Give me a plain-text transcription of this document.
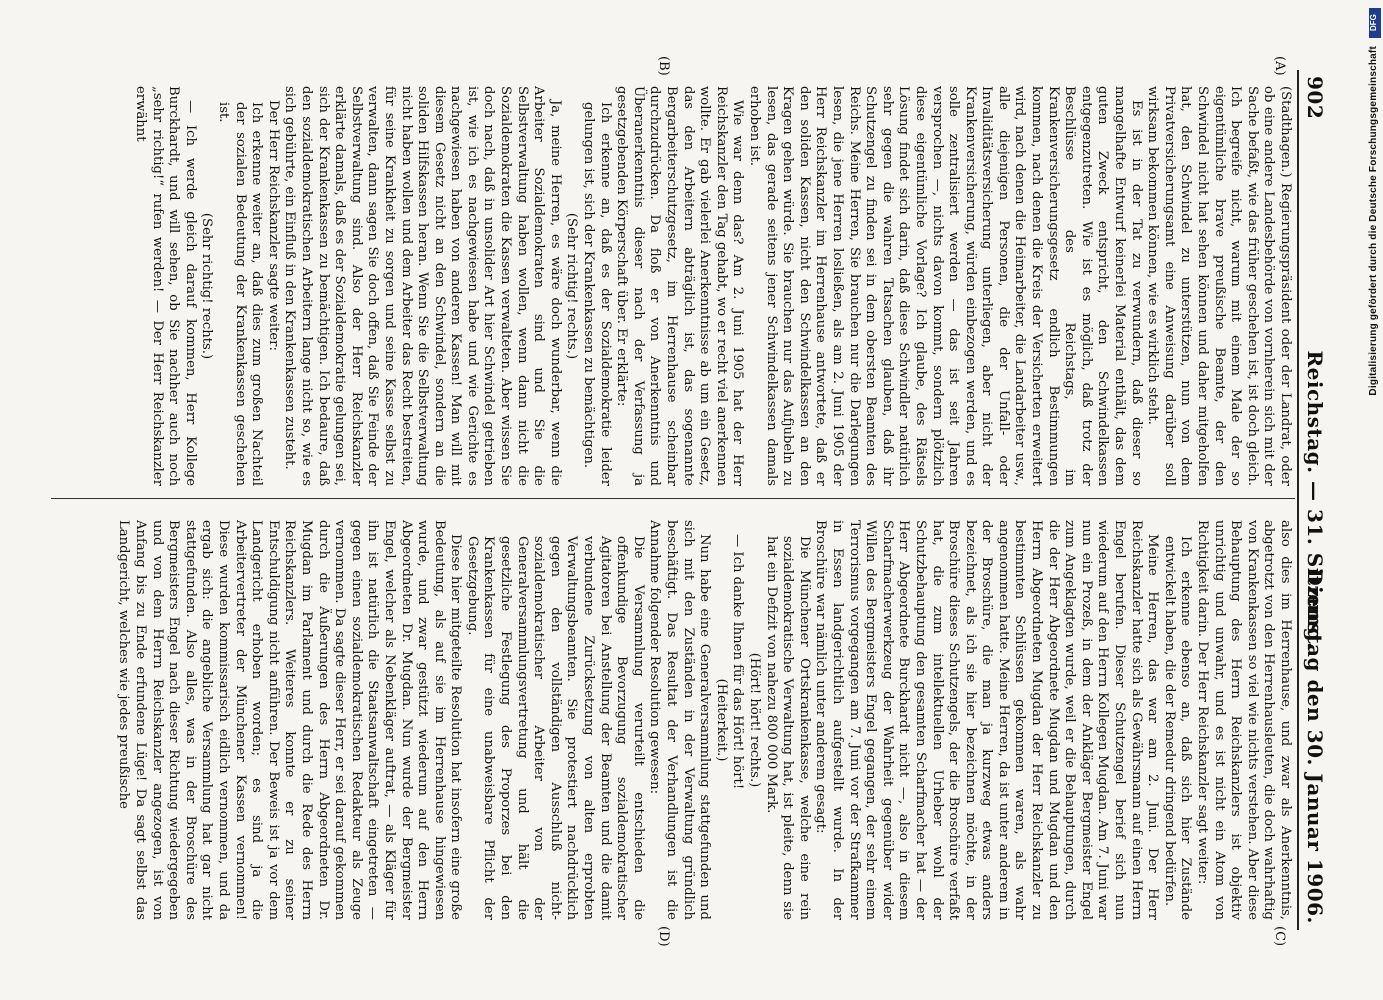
902
Reichstag. — 31. Sitzung.
Dienstag den 30. Januar 1906.
(A)
(B)
(C)
(D)

(Stadthagen.) Regierungspräsident oder der Landrat, oder ob eine andere Landesbehörde von vornherein sich mit der Sache befaßt, wie das früher geschehen ist, ist doch gleich. Ich begreife nicht, warum mit einem Male der so eigentümliche brave preußische Beamte, der den Schwindel nicht hat sehen können und daher mitgeholfen hat, den Schwindel zu unterstützen, nun von dem Privatversicherungsamt eine Anweisung darüber soll wirksam bekommen können, wie es wirklich steht.

Es ist in der Tat zu verwundern, daß dieser so mangelhafte Entwurf keinerlei Material enthält, das dem guten Zweck entspricht, den Schwindelkassen entgegenzutreten. Wie ist es möglich, daß trotz der Beschlüsse des Reichstags, im Krankenversicherungsgesetz endlich Bestimmungen kommen, nach denen die Kreis der Versicherten erweitert wird, nach denen die Heimarbeiter, die Landarbeiter usw., alle diejenigen Personen, die der Unfall- oder Invaliditätsversicherung unterliegen, aber nicht der Krankenversicherung, würden einbezogen werden, und es solle zentralisiert werden — das ist seit Jahren versprochen —, nichts davon kommt, sondern plötzlich diese eigentümliche Vorlage? Ich glaube, des Rätsels Lösung findet sich darin, daß diese Schwindler natürlich sehr gegen die wahren Tatsachen glauben, daß ihr Schutzengel zu finden sei in dem obersten Beamten des Reichs. Meine Herren, Sie brauchen nur die Darlegungen lesen, die jene Herren losließen, als am 2. Juni 1905 der Herr Reichskanzler im Herrenhause antwortete, daß er den soliden Kassen, nicht den Schwindelkassen an den Kragen gehen würde. Sie brauchen nur das Aufjubeln zu lesen, das gerade seitens jener Schwindelkassen damals erhoben ist.

Wie war denn das? Am 2. Juni 1905 hat der Herr Reichskanzler den Tag gehabt, wo er recht viel anerkennen wollte. Er gab vielerlei Anerkenntnisse ab um ein Gesetz, das den Arbeitern abträglich ist, das sogenannte Bergarbeiterschutzgesetz, im Herrenhause scheinbar durchzudrücken. Da floß er von Anerkenntnis und Überanerkenntnis dieser nach der Verfassung ja gesetzgebenden Körperschaft über. Er erklärte:

Ich erkenne an, daß es der Sozialdemokratie leider gelungen ist, sich der Krankenkassen zu bemächtigen.

(Sehr richtig! rechts.)

Ja, meine Herren, es wäre doch wunderbar, wenn die Arbeiter Sozialdemokraten sind und Sie die Selbstverwaltung haben wollen, wenn dann nicht die Sozialdemokraten die Kassen verwalteten. Aber wissen Sie doch nach, daß in unsolider Art hier Schwindel getrieben ist, wie ich es nachgewiesen habe und wie Gerichte es nachgewiesen haben von anderen Kassen! Man will mit diesem Gesetz nicht an den Schwindel, sondern an die soliden Hilfskassen heran. Wenn Sie die Selbstverwaltung nicht haben wollen und dem Arbeiter das Recht bestreiten, für seine Krankheit zu sorgen und seine Kasse selbst zu verwalten, dann sagen Sie doch offen, daß Sie Feinde der Selbstverwaltung sind. Also der Herr Reichskanzler erklärte damals, daß es der Sozialdemokratie gelungen sei, sich der Krankenkassen zu bemächtigen. Ich bedaure, daß den sozialdemokratischen Arbeitern lange nicht so, wie es sich gebührte, ein Einfluß in den Krankenkassen zusteht.

Der Herr Reichskanzler sagte weiter:

Ich erkenne weiter an, daß dies zum großen Nachteil der sozialen Bedeutung der Krankenkassen geschehen ist.

(Sehr richtig! rechts.)

— Ich werde gleich darauf kommen, Herr Kollege Burckhardt, und will sehen, ob Sie nachher auch noch „sehr richtig!“ rufen werden! — Der Herr Reichskanzler erwähnt

also dies im Herrenhause, und zwar als Anerkenntnis, abgetrotzt von den Herrenhausleuten, die doch wahrhaftig von Krankenkassen so viel wie nichts verstehen. Aber diese Behauptung des Herrn Reichskanzlers ist objektiv unrichtig und unwahr, und es ist nicht ein Atom von Richtigkeit darin. Der Herr Reichskanzler sagt weiter:

Ich erkenne ebenso an, daß sich hier Zustände entwickelt haben, die der Remedur dringend bedürfen.

Meine Herren, das war am 2. Juni. Der Herr Reichskanzler hatte sich als Gewährsmann auf einen Herrn Engel berufen. Dieser Schutzengel berief sich nun wiederum auf den Herrn Kollegen Mugdan. Am 7. Juni war nun ein Prozeß, in dem der Ankläger Bergmeister Engel zum Angeklagten wurde, weil er die Behauptungen, durch die der Herr Abgeordnete Mugdan und Mugdan und den Herrn Abgeordneten Mugdan der Herr Reichskanzler zu bestimmten Schlüssen gekommen waren, als wahr angenommen hatte. Meine Herren, da ist unter anderem in der Broschüre, die man ja kurzweg etwas anders bezeichnet, als ich sie hier bezeichnen möchte, in der Broschüre dieses Schutzengels, der die Broschüre verfaßt hat, die zum intellektuellen Urheber wohl der Schutzbehauptung den gesamten Scharfmacher hat — der Herr Abgeordnete Burckhardt nicht —, also in diesem Scharfmacherwerkzeug der Wahrheit gegenüber wider Willen des Bergmeisters Engel gegangen, der sehr einem Terrorismus vorgegangen am 7. Juni vor der Strafkammer in Essen landgerichtlich aufgestellt wurde. In der Broschüre war nämlich unter anderem gesagt:

Die Münchener Ortskrankenkasse, welche eine rein sozialdemokratische Verwaltung hat, ist pleite, denn sie hat ein Defizit von nahezu 800 000 Mark.

(Hört! hört! rechts.)

— Ich danke Ihnen für das Hört! hört!

(Heiterkeit.)

Nun habe eine Generalversammlung stattgefunden und sich mit den Zuständen in der Verwaltung gründlich beschäftigt. Das Resultat der Verhandlungen ist die Annahme folgender Resolution gewesen:

Die Versammlung verurteilt entschieden die offenkundige Bevorzugung sozialdemokratischer Agitatoren bei Anstellung der Beamten und die damit verbundene Zurücksetzung von alten erprobten Verwaltungsbeamten. Sie protestiert nachdrücklich gegen den vollständigen Ausschluß nicht-sozialdemokratischer Arbeiter von der Generalversammlungsvertretung und hält die gesetzliche Festlegung des Proporzes bei den Krankenkassen für eine unabweisbare Pflicht der Gesetzgebung.

Diese hier mitgeteilte Resolution hat insofern eine große Bedeutung, als auf sie im Herrenhause hingewiesen wurde, und zwar gestützt wiederum auf den Herrn Abgeordneten Dr. Mugdan. Nun wurde der Bergmeister Engel, welcher als Nebenkläger auftrat, — als Kläger für ihn ist natürlich die Staatsanwaltschaft eingetreten — gegen einen sozialdemokratischen Redakteur als Zeuge vernommen. Da sagte dieser Herr, er sei darauf gekommen durch die Äußerungen des Herrn Abgeordneten Dr. Mugdan im Parlament und durch die Rede des Herrn Reichskanzlers. Weiteres konnte er zu seiner Entschuldigung nicht anführen. Der Beweis ist ja vor dem Landgericht erhoben worden; es sind ja die Arbeitervertreter der Münchener Kassen vernommen! Diese wurden kommissarisch eidlich vernommen, und da ergab sich: die angebliche Versammlung hat gar nicht stattgefunden. Also alles, was in der Broschüre des Bergmeisters Engel nach dieser Richtung wiedergegeben und von dem Herrn Reichskanzler angezogen, ist von Anfang bis zu Ende erfundene Lüge! Da sagt selbst das Landgericht, welches wie jedes preußische

DFG
Digitalisierung gefördert durch die Deutsche Forschungsgemeinschaft
